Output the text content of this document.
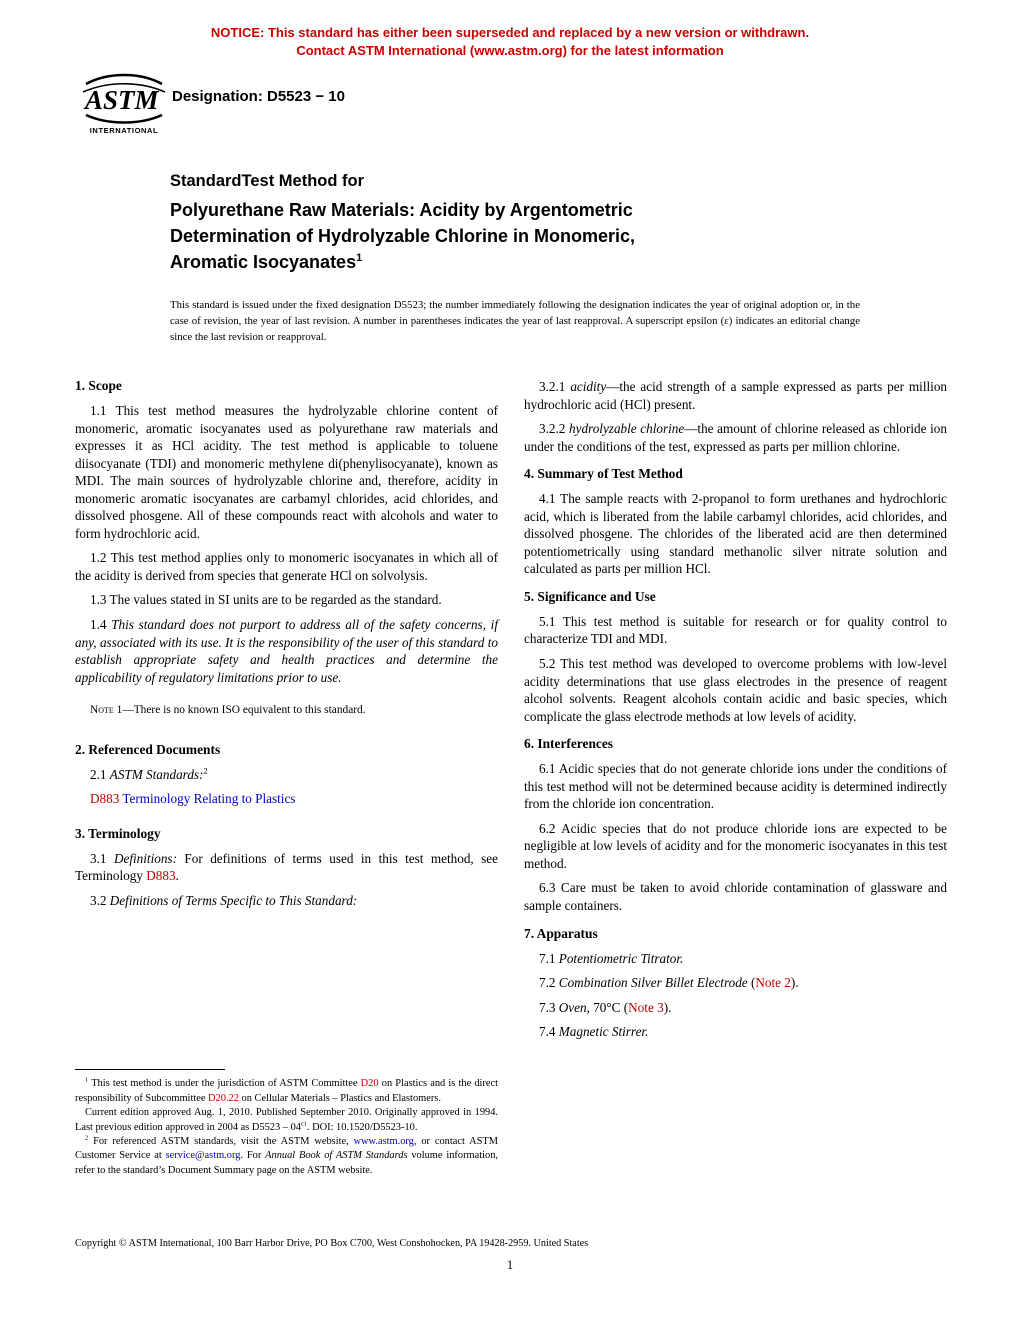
NOTICE: This standard has either been superseded and replaced by a new version or withdrawn.
Contact ASTM International (www.astm.org) for the latest information
ASTM
INTERNATIONAL
Designation: D5523 − 10
StandardTest Method for
Polyurethane Raw Materials: Acidity by Argentometric
Determination of Hydrolyzable Chlorine in Monomeric,
Aromatic Isocyanates$^1$
This standard is issued under the fixed designation D5523; the number immediately following the designation indicates the year of original adoption or, in the case of revision, the year of last revision. A number in parentheses indicates the year of last reapproval. A superscript epsilon (ε) indicates an editorial change since the last revision or reapproval.
1. Scope

1.1 This test method measures the hydrolyzable chlorine content of monomeric, aromatic isocyanates used as polyurethane raw materials and expresses it as HCl acidity. The test method is applicable to toluene diisocyanate (TDI) and monomeric methylene di(phenylisocyanate), known as MDI. The main sources of hydrolyzable chlorine and, therefore, acidity in monomeric aromatic isocyanates are carbamyl chlorides, acid chlorides, and dissolved phosgene. All of these compounds react with alcohols and water to form hydrochloric acid.

1.2 This test method applies only to monomeric isocyanates in which all of the acidity is derived from species that generate HCl on solvolysis.

1.3 The values stated in SI units are to be regarded as the standard.

1.4 This standard does not purport to address all of the safety concerns, if any, associated with its use. It is the responsibility of the user of this standard to establish appropriate safety and health practices and determine the applicability of regulatory limitations prior to use.

Note 1—There is no known ISO equivalent to this standard.

2. Referenced Documents

2.1 ASTM Standards:$^2$

D883 Terminology Relating to Plastics

3. Terminology

3.1 Definitions: For definitions of terms used in this test method, see Terminology D883.

3.2 Definitions of Terms Specific to This Standard:

$^1$ This test method is under the jurisdiction of ASTM Committee D20 on Plastics and is the direct responsibility of Subcommittee D20.22 on Cellular Materials – Plastics and Elastomers.

Current edition approved Aug. 1, 2010. Published September 2010. Originally approved in 1994. Last previous edition approved in 2004 as $D5523 - 04^{\varepsilon 1}$. DOI: 10.1520/D5523-10.

$^2$ For referenced ASTM standards, visit the ASTM website, www.astm.org, or contact ASTM Customer Service at service@astm.org. For Annual Book of ASTM Standards volume information, refer to the standard’s Document Summary page on the ASTM website.

3.2.1 acidity—the acid strength of a sample expressed as parts per million hydrochloric acid (HCl) present.

3.2.2 hydrolyzable chlorine—the amount of chlorine released as chloride ion under the conditions of the test, expressed as parts per million chlorine.

4. Summary of Test Method

4.1 The sample reacts with 2-propanol to form urethanes and hydrochloric acid, which is liberated from the labile carbamyl chlorides, acid chlorides, and dissolved phosgene. The chlorides of the liberated acid are then determined potentiometrically using standard methanolic silver nitrate solution and calculated as parts per million HCl.

5. Significance and Use

5.1 This test method is suitable for research or for quality control to characterize TDI and MDI.

5.2 This test method was developed to overcome problems with low-level acidity determinations that use glass electrodes in the presence of reagent alcohol solvents. Reagent alcohols contain acidic and basic species, which complicate the glass electrode methods at low levels of acidity.

6. Interferences

6.1 Acidic species that do not generate chloride ions under the conditions of this test method will not be determined because acidity is determined indirectly from the chloride ion concentration.

6.2 Acidic species that do not produce chloride ions are expected to be negligible at low levels of acidity and for the monomeric isocyanates in this test method.

6.3 Care must be taken to avoid chloride contamination of glassware and sample containers.

7. Apparatus

7.1 Potentiometric Titrator.

7.2 Combination Silver Billet Electrode (Note 2).

7.3 Oven, 70°C (Note 3).

7.4 Magnetic Stirrer.

Copyright © ASTM International, 100 Barr Harbor Drive, PO Box C700, West Conshohocken, PA 19428-2959. United States
1
